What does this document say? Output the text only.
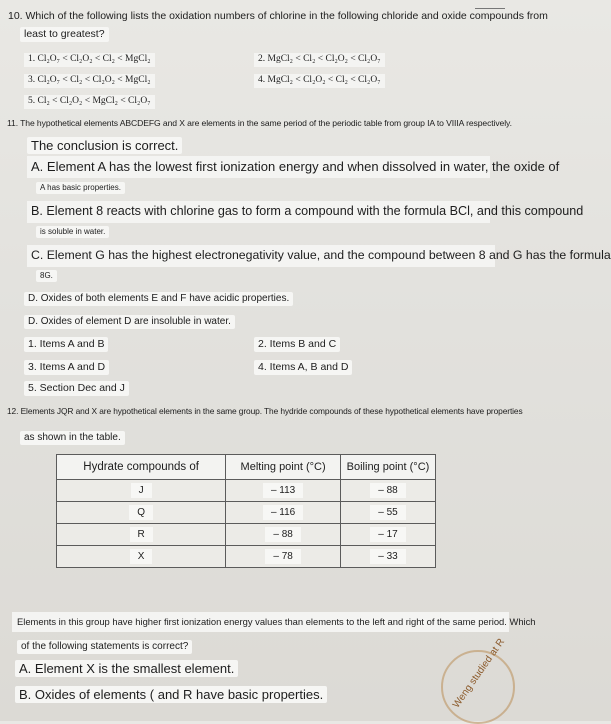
10. Which of the following lists the oxidation numbers of chlorine in the following chloride and oxide compounds from
least to greatest?
1. Cl₂O₇ < Cl₂O₂ < Cl₂ < MgCl₂	2. MgCl₂ < Cl₂ < Cl₂O₂ < Cl₂O₇
3. Cl₂O₇ < Cl₂ < Cl₂O₂ < MgCl₂	4. MgCl₂ < Cl₂O₂ < Cl₂ < Cl₂O₇
5. Cl₂ < Cl₂O₂ < MgCl₂ < Cl₂O₇
11. The hypothetical elements ABCDEFG and X are elements in the same period of the periodic table from group IA to VIIIA respectively.
The conclusion is correct.
A. Element A has the lowest first ionization energy and when dissolved in water, the oxide of
A has basic properties.
B. Element 8 reacts with chlorine gas to form a compound with the formula BCl, and this compound
is soluble in water.
C. Element G has the highest electronegativity value, and the compound between 8 and G has the formula
8G.
D. Oxides of both elements E and F have acidic properties.
D. Oxides of element D are insoluble in water.
1. Items A and B	2. Items B and C
3. Items A and D	4. Items A, B and D
5. Section Dec and J
12. Elements JQR and X are hypothetical elements in the same group. The hydride compounds of these hypothetical elements have properties
as shown in the table.
Hydrate compounds of	Melting point (°C)	Boiling point (°C)
J	– 113	– 88
Q	– 116	– 55
R	– 88	– 17
X	– 78	– 33
Elements in this group have higher first ionization energy values than elements to the left and right of the same period. Which
of the following statements is correct?
A. Element X is the smallest element.
B. Oxides of elements ( and R have basic properties.	Weng studied at R
